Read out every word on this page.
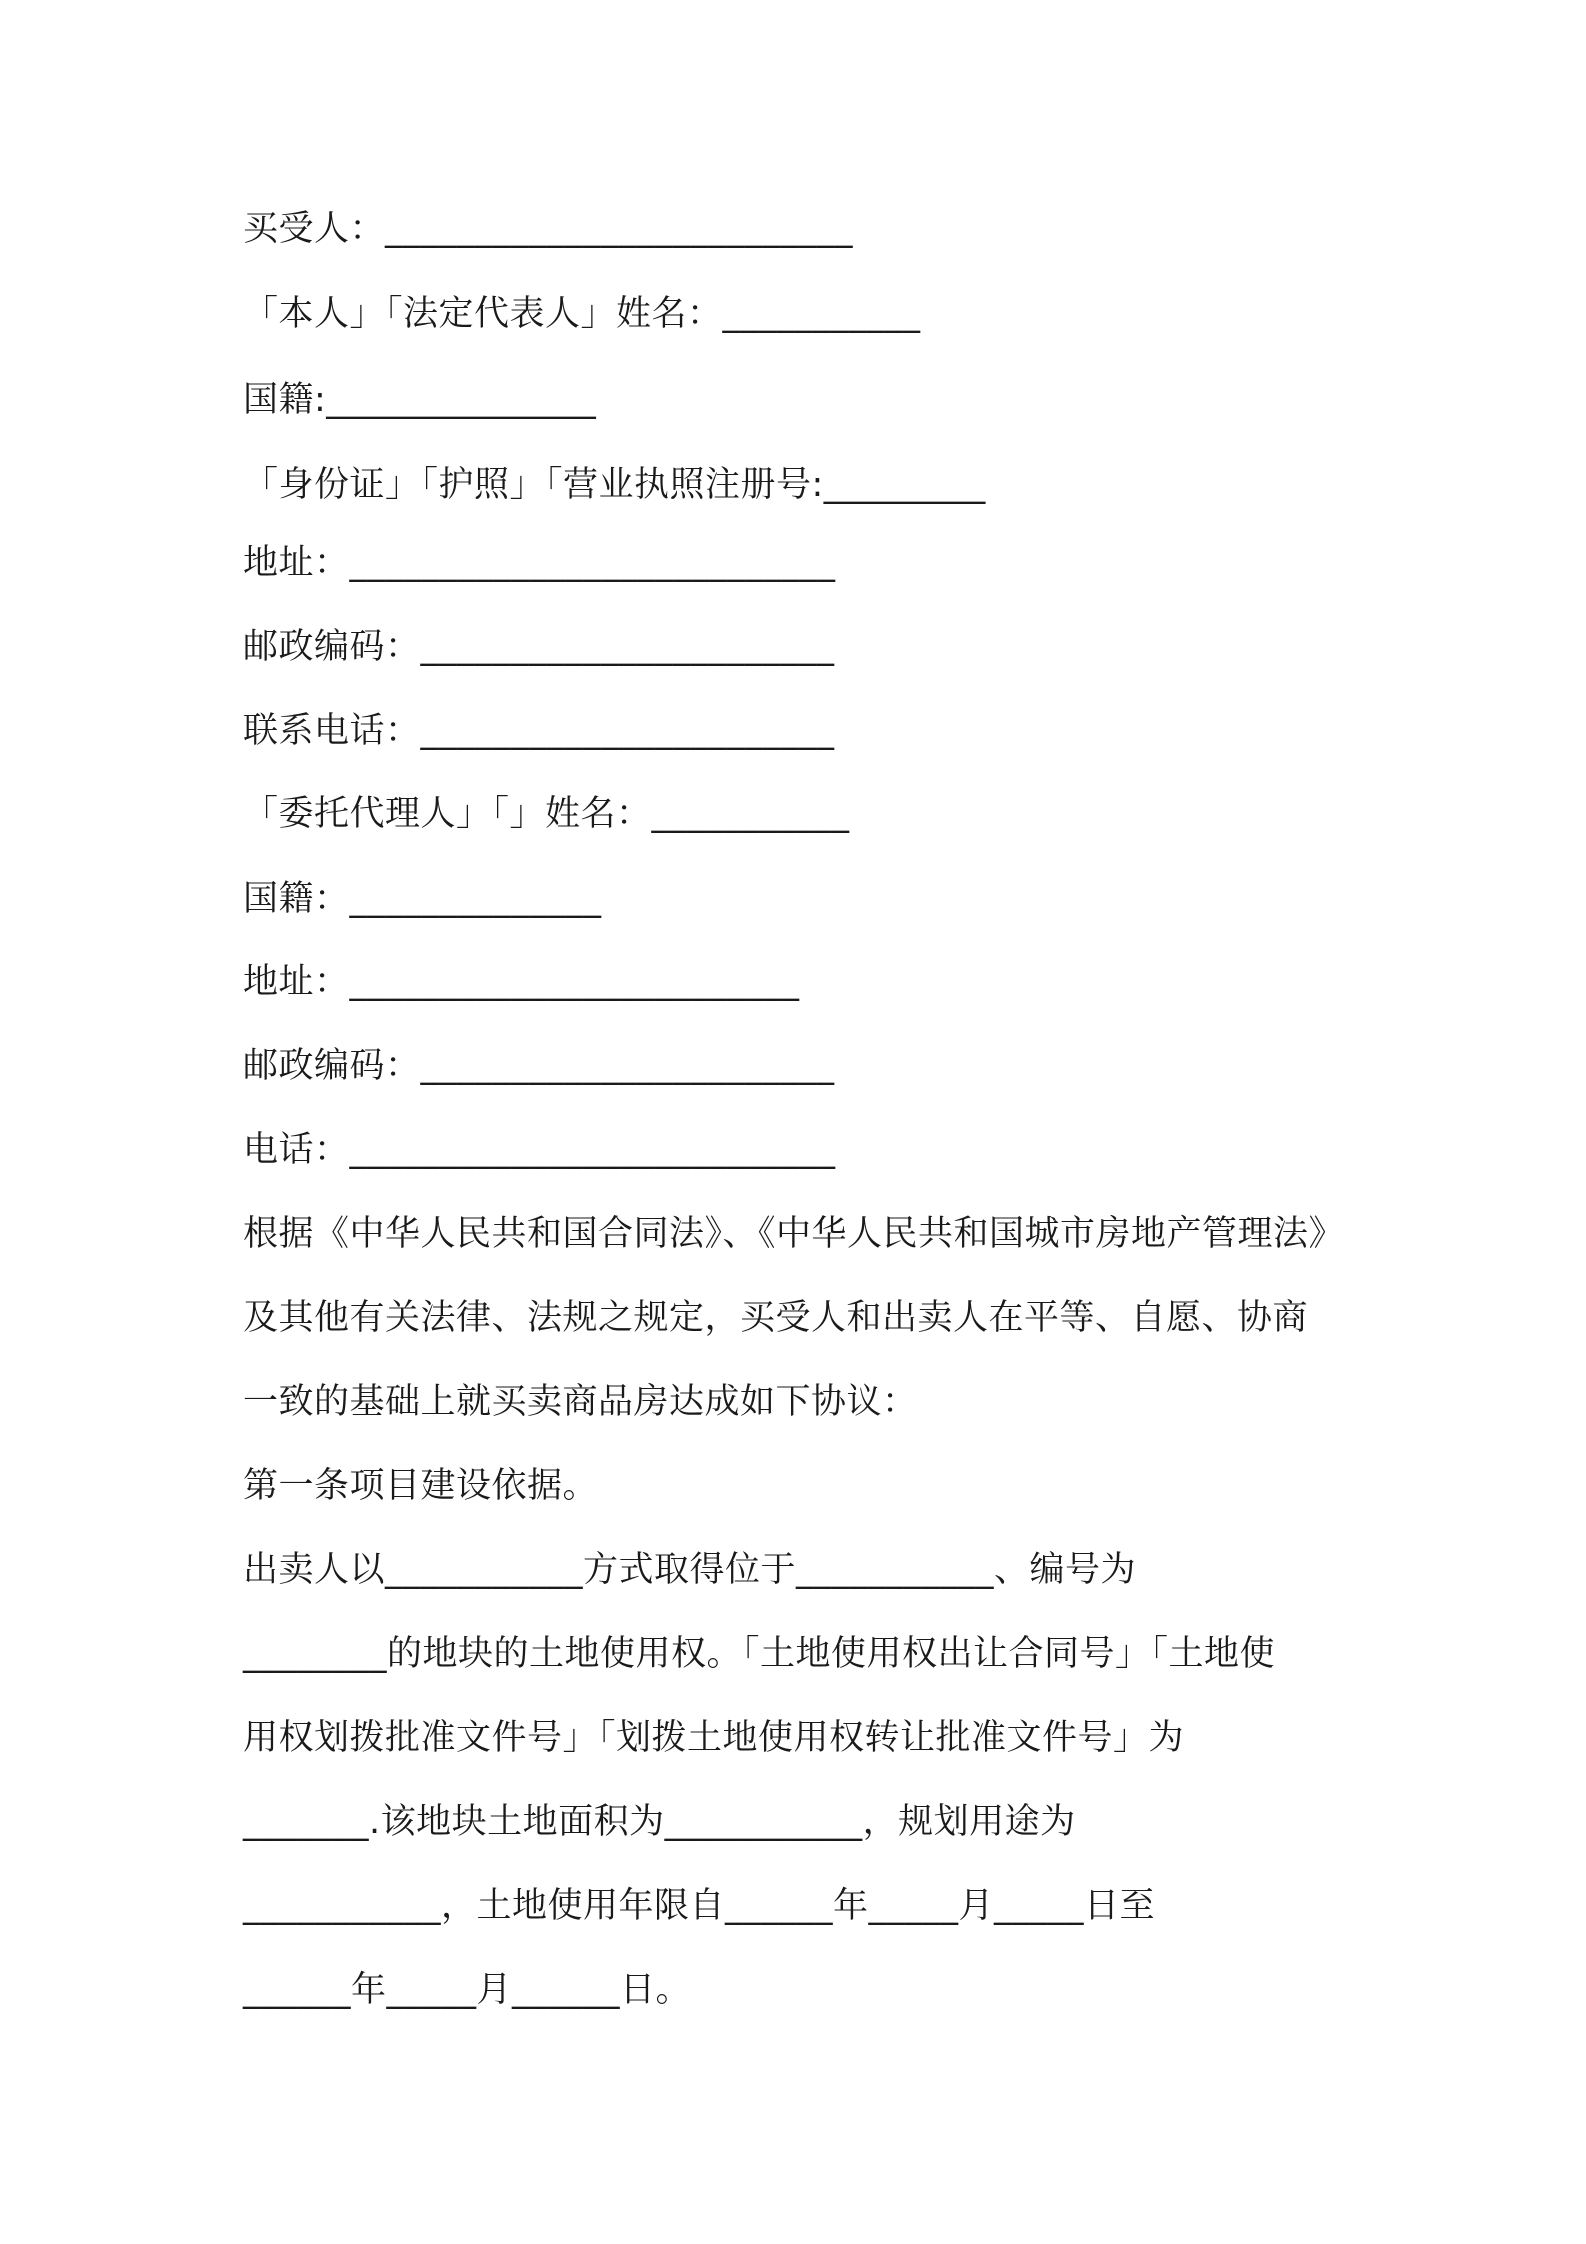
买受人：__________________________
「本人」「法定代表人」姓名：___________
国籍:_______________
「身份证」「护照」「营业执照注册号:_________
地址：___________________________
邮政编码：_______________________
联系电话：_______________________
「委托代理人」「」姓名：___________
国籍：______________
地址：_________________________
邮政编码：_______________________
电话：___________________________
根据《中华人民共和国合同法》、《中华人民共和国城市房地产管理法》
及其他有关法律、法规之规定，买受人和出卖人在平等、自愿、协商
一致的基础上就买卖商品房达成如下协议：
第一条项目建设依据。
出卖人以___________方式取得位于___________、编号为
________的地块的土地使用权。「土地使用权出让合同号」「土地使
用权划拨批准文件号」「划拨土地使用权转让批准文件号」为
_______.该地块土地面积为___________，规划用途为
___________，土地使用年限自______年_____月_____日至
______年_____月______日。
